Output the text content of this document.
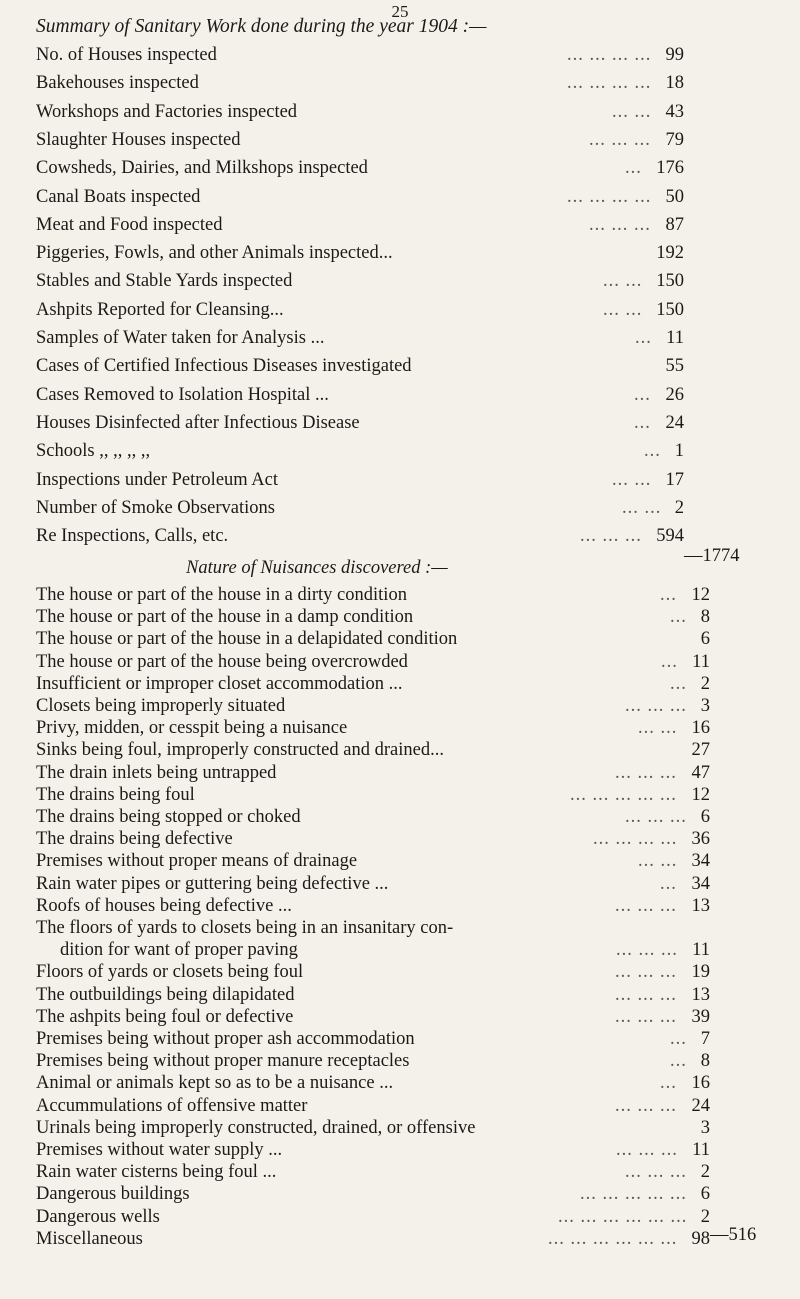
25
Summary of Sanitary Work done during the year 1904 :—
No. of Houses inspected	... ... ... ... 99
Bakehouses inspected	... ... ... ... 18
Workshops and Factories inspected	... ... 43
Slaughter Houses inspected	... ... ... 79
Cowsheds, Dairies, and Milkshops inspected	... 176
Canal Boats inspected	... ... ... ... 50
Meat and Food inspected	... ... ... 87
Piggeries, Fowls, and other Animals inspected...	192
Stables and Stable Yards inspected	... ... 150
Ashpits Reported for Cleansing...	... ... 150
Samples of Water taken for Analysis ...	... 11
Cases of Certified Infectious Diseases investigated	55
Cases Removed to Isolation Hospital ...	... 26
Houses Disinfected after Infectious Disease	... 24
Schools ,, ,, ,, ,,	... 1
Inspections under Petroleum Act	... ... 17
Number of Smoke Observations	... ... 2
Re Inspections, Calls, etc.	... ... ... 594
—1774
Nature of Nuisances discovered :—
The house or part of the house in a dirty condition	... 12
The house or part of the house in a damp condition	... 8
The house or part of the house in a delapidated condition	6
The house or part of the house being overcrowded	... 11
Insufficient or improper closet accommodation ...	... 2
Closets being improperly situated	... ... ... 3
Privy, midden, or cesspit being a nuisance	... ... 16
Sinks being foul, improperly constructed and drained...	27
The drain inlets being untrapped	... ... ... 47
The drains being foul	... ... ... ... ... 12
The drains being stopped or choked	... ... ... 6
The drains being defective	... ... ... ... 36
Premises without proper means of drainage	... ... 34
Rain water pipes or guttering being defective ...	... 34
Roofs of houses being defective ...	... ... ... 13
The floors of yards to closets being in an insanitary con-
dition for want of proper paving	... ... ... 11
Floors of yards or closets being foul	... ... ... 19
The outbuildings being dilapidated	... ... ... 13
The ashpits being foul or defective	... ... ... 39
Premises being without proper ash accommodation	... 7
Premises being without proper manure receptacles	... 8
Animal or animals kept so as to be a nuisance ...	... 16
Accummulations of offensive matter	... ... ... 24
Urinals being improperly constructed, drained, or offensive	3
Premises without water supply ...	... ... ... 11
Rain water cisterns being foul ...	... ... ... 2
Dangerous buildings	... ... ... ... ... 6
Dangerous wells	... ... ... ... ... ... 2
Miscellaneous	... ... ... ... ... ... 98 —516
